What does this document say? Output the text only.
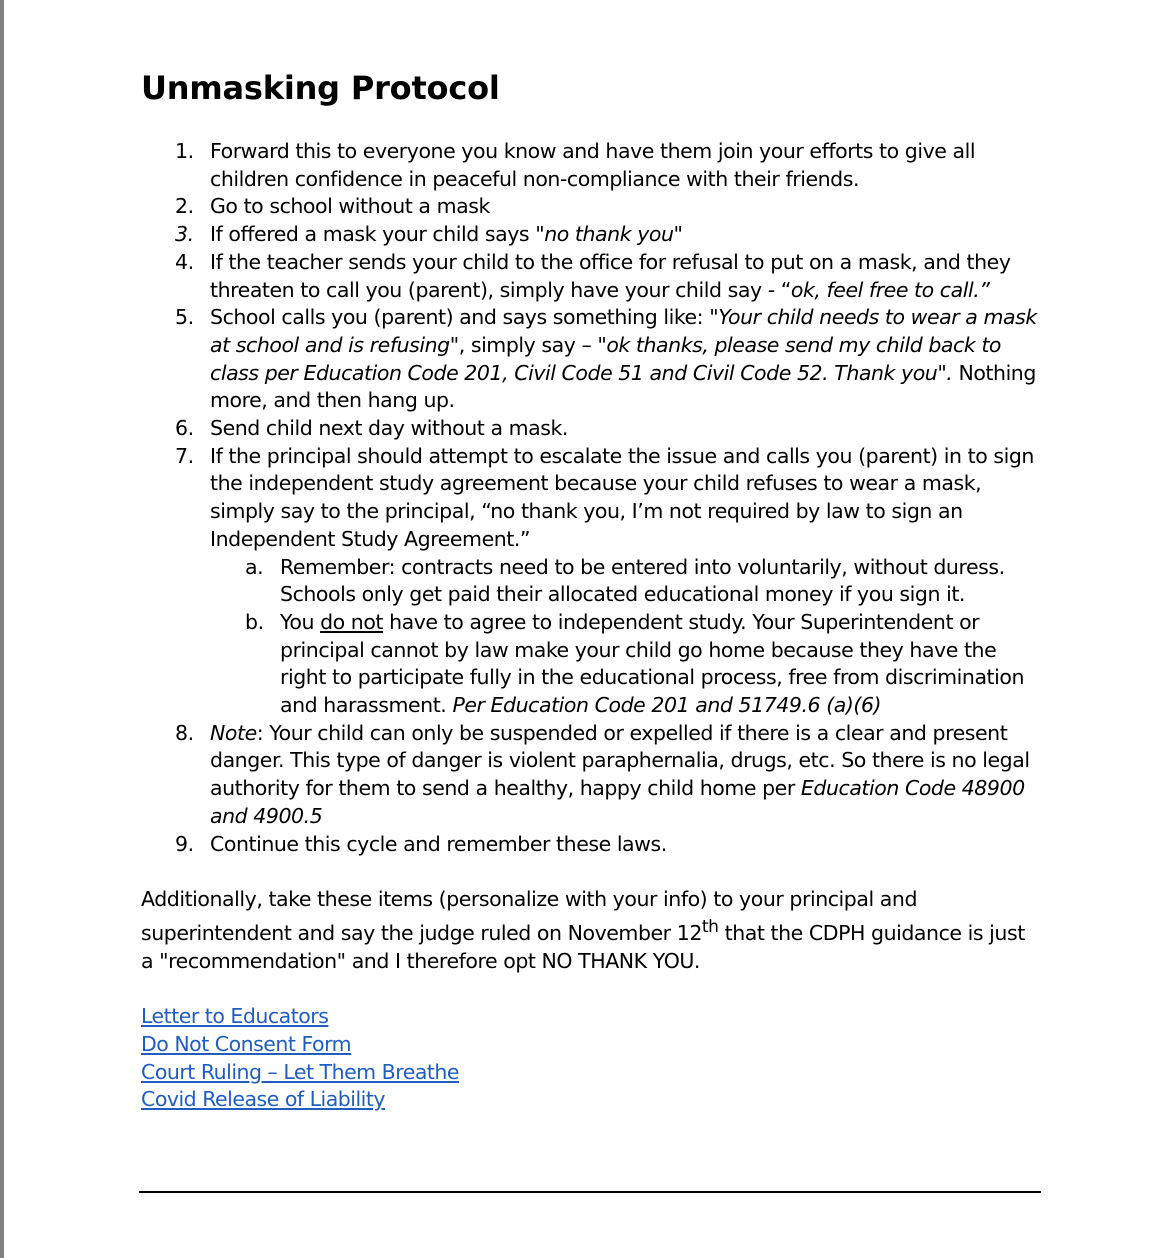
Unmasking Protocol
1. Forward this to everyone you know and have them join your efforts to give all children confidence in peaceful non-compliance with their friends.
2. Go to school without a mask
3. If offered a mask your child says "no thank you"
4. If the teacher sends your child to the office for refusal to put on a mask, and they threaten to call you (parent), simply have your child say - “ok, feel free to call.”
5. School calls you (parent) and says something like: "Your child needs to wear a mask at school and is refusing", simply say – "ok thanks, please send my child back to class per Education Code 201, Civil Code 51 and Civil Code 52. Thank you". Nothing more, and then hang up.
6. Send child next day without a mask.
7. If the principal should attempt to escalate the issue and calls you (parent) in to sign the independent study agreement because your child refuses to wear a mask, simply say to the principal, “no thank you, I’m not required by law to sign an Independent Study Agreement.”
a. Remember: contracts need to be entered into voluntarily, without duress. Schools only get paid their allocated educational money if you sign it.
b. You do not have to agree to independent study. Your Superintendent or principal cannot by law make your child go home because they have the right to participate fully in the educational process, free from discrimination and harassment. Per Education Code 201 and 51749.6 (a)(6)
8. Note: Your child can only be suspended or expelled if there is a clear and present danger. This type of danger is violent paraphernalia, drugs, etc. So there is no legal authority for them to send a healthy, happy child home per Education Code 48900 and 4900.5
9. Continue this cycle and remember these laws.

Additionally, take these items (personalize with your info) to your principal and superintendent and say the judge ruled on November 12th that the CDPH guidance is just a "recommendation" and I therefore opt NO THANK YOU.

Letter to Educators
Do Not Consent Form
Court Ruling – Let Them Breathe
Covid Release of Liability
